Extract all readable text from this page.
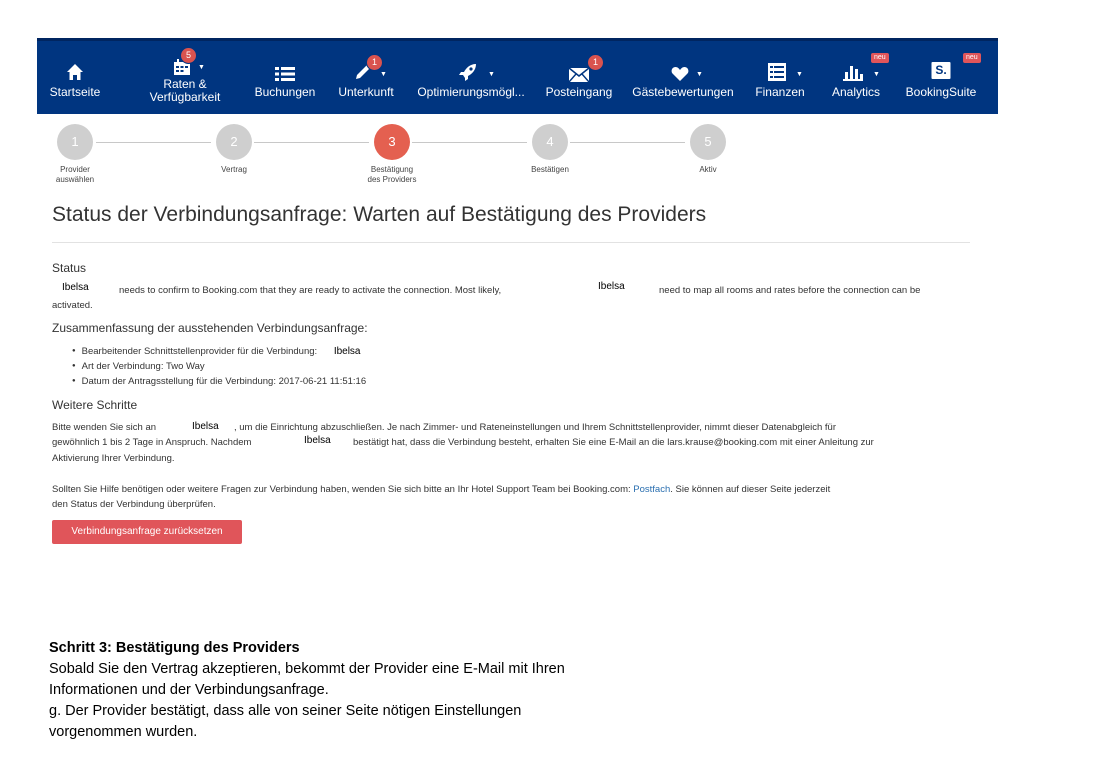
Startseite
▼
5
Raten &
Verfügbarkeit	Buchungen
▼
1
Unterkunft
▼
Optimierungsmögl...
1
Posteingang
▼
Gästebewertungen
▼
Finanzen
▼
neu
Analytics
S.
neu
BookingSuite
1	2	3	4	5
Provider auswählen
Vertrag	Bestätigung des Providers
Bestätigen	Aktiv
Status der Verbindungsanfrage: Warten auf Bestätigung des Providers
Status
Ibelsa	needs to confirm to Booking.com that they are ready to activate the connection. Most likely,	Ibelsa	need to map all rooms and rates before the connection can be
activated.
Zusammenfassung der ausstehenden Verbindungsanfrage:
● Bearbeitender Schnittstellenprovider für die Verbindung: Ibelsa
● Art der Verbindung: Two Way
● Datum der Antragsstellung für die Verbindung: 2017-06-21 11:51:16
Weitere Schritte
Bitte wenden Sie sich an	Ibelsa	, um die Einrichtung abzuschließen. Je nach Zimmer- und Rateneinstellungen und Ihrem Schnittstellenprovider, nimmt dieser Datenabgleich für
gewöhnlich 1 bis 2 Tage in Anspruch. Nachdem	Ibelsa	bestätigt hat, dass die Verbindung besteht, erhalten Sie eine E-Mail an die lars.krause@booking.com mit einer Anleitung zur
Aktivierung Ihrer Verbindung.
Sollten Sie Hilfe benötigen oder weitere Fragen zur Verbindung haben, wenden Sie sich bitte an Ihr Hotel Support Team bei Booking.com: Postfach. Sie können auf dieser Seite jederzeit
den Status der Verbindung überprüfen.
Verbindungsanfrage zurücksetzen
Schritt 3: Bestätigung des Providers
Sobald Sie den Vertrag akzeptieren, bekommt der Provider eine E-Mail mit Ihren
Informationen und der Verbindungsanfrage.
g. Der Provider bestätigt, dass alle von seiner Seite nötigen Einstellungen
vorgenommen wurden.
